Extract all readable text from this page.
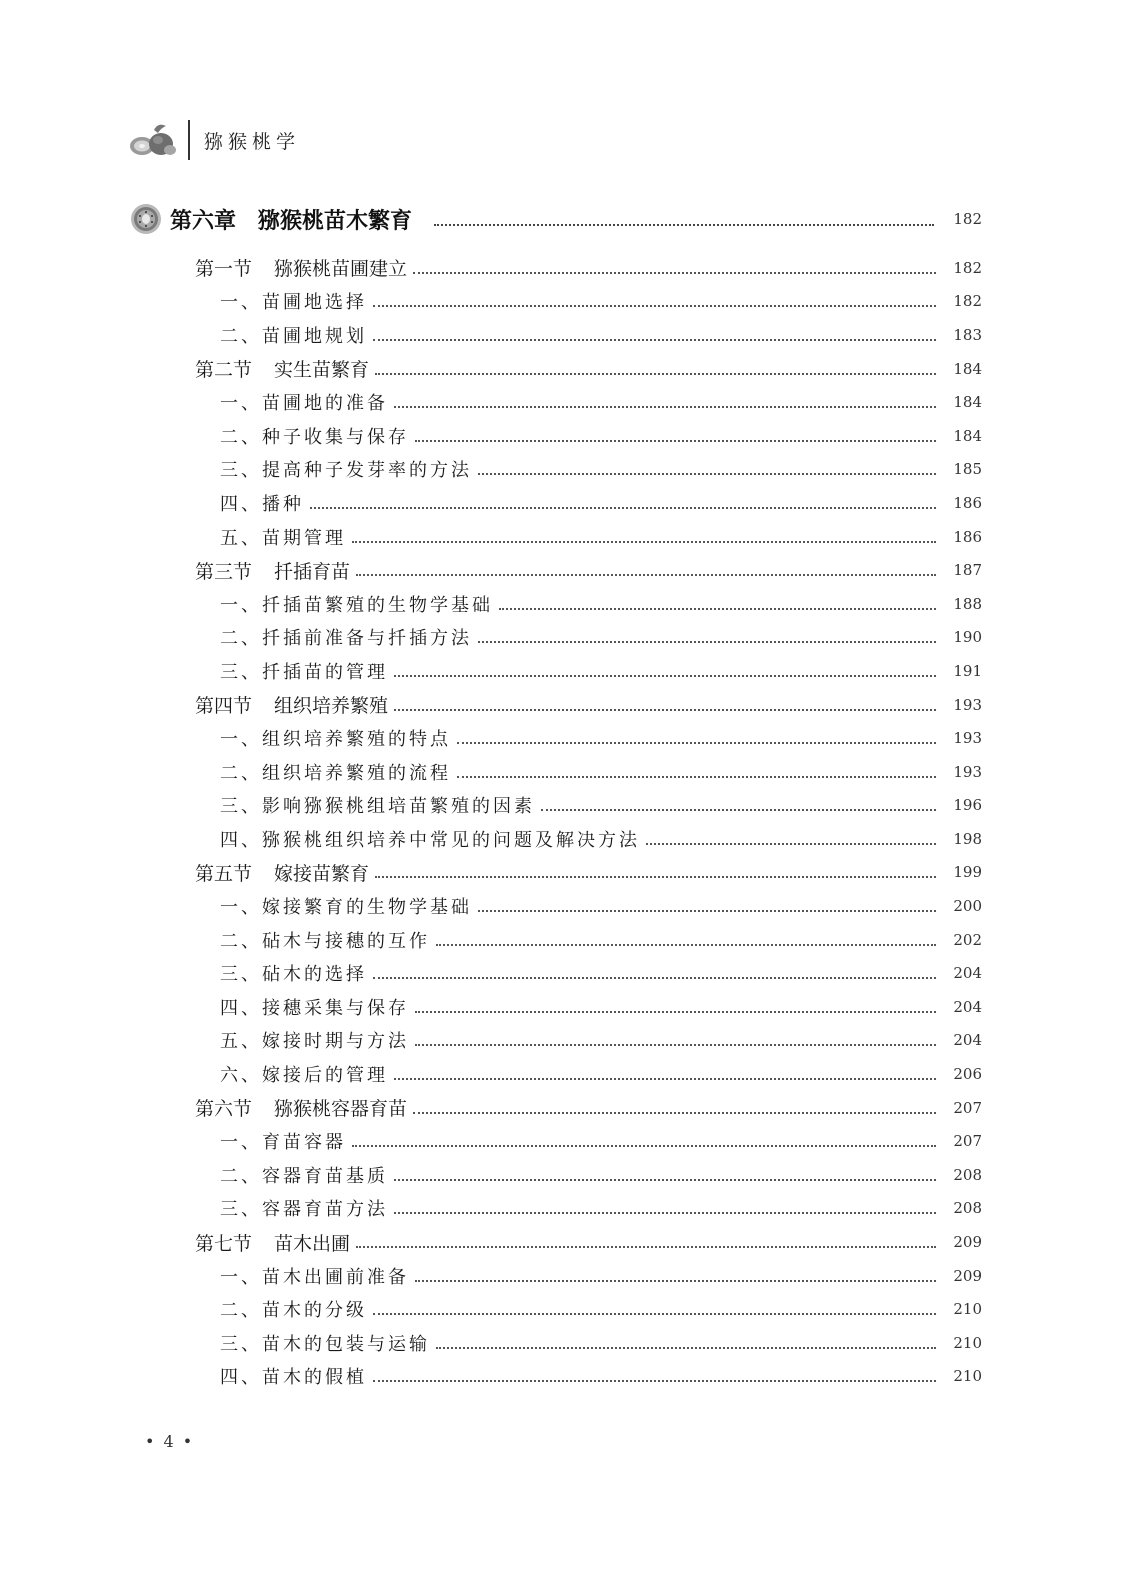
猕猴桃学
第六章 猕猴桃苗木繁育	182
第一节 猕猴桃苗圃建立	182
一、苗圃地选择	182
二、苗圃地规划	183
第二节 实生苗繁育	184
一、苗圃地的准备	184
二、种子收集与保存	184
三、提高种子发芽率的方法	185
四、播种	186
五、苗期管理	186
第三节 扦插育苗	187
一、扦插苗繁殖的生物学基础	188
二、扦插前准备与扦插方法	190
三、扦插苗的管理	191
第四节 组织培养繁殖	193
一、组织培养繁殖的特点	193
二、组织培养繁殖的流程	193
三、影响猕猴桃组培苗繁殖的因素	196
四、猕猴桃组织培养中常见的问题及解决方法	198
第五节 嫁接苗繁育	199
一、嫁接繁育的生物学基础	200
二、砧木与接穗的互作	202
三、砧木的选择	204
四、接穗采集与保存	204
五、嫁接时期与方法	204
六、嫁接后的管理	206
第六节 猕猴桃容器育苗	207
一、育苗容器	207
二、容器育苗基质	208
三、容器育苗方法	208
第七节 苗木出圃	209
一、苗木出圃前准备	209
二、苗木的分级	210
三、苗木的包装与运输	210
四、苗木的假植	210
• 4 •
